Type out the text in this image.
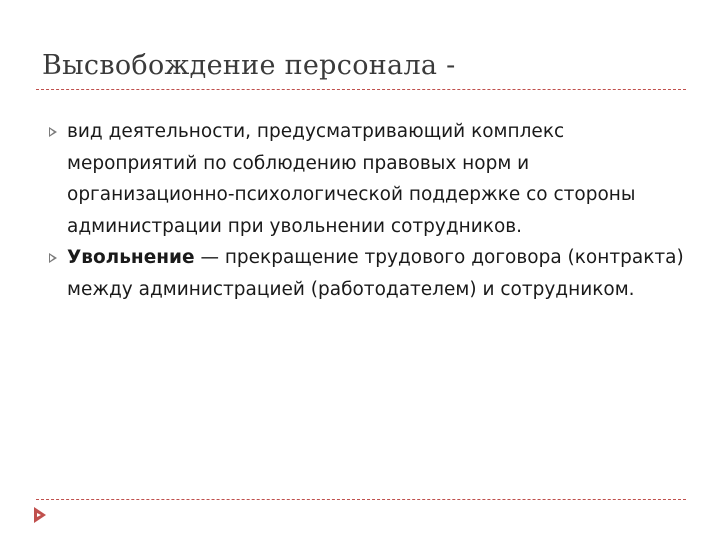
Высвобождение персонала -
вид деятельности, предусматривающий комплекс мероприятий по соблюдению правовых норм и организационно-психологической поддержке со стороны администрации при увольнении сотрудников.
Увольнение — прекращение трудового договора (контракта) между администрацией (работодателем) и сотрудником.
